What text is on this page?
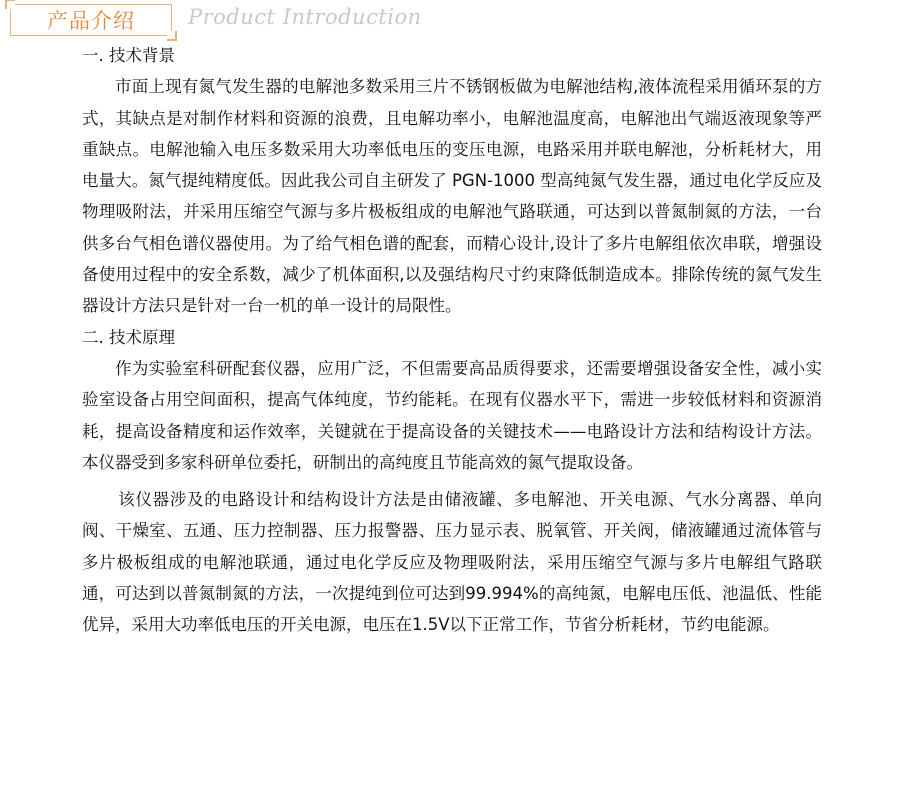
产品介绍	Product Introduction

一. 技术背景

市面上现有氮气发生器的电解池多数采用三片不锈钢板做为电解池结构,液体流程采用循环泵的方式，其缺点是对制作材料和资源的浪费，且电解功率小，电解池温度高，电解池出气端返液现象等严重缺点。电解池输入电压多数采用大功率低电压的变压电源，电路采用并联电解池，分析耗材大，用电量大。氮气提纯精度低。因此我公司自主研发了 PGN-1000 型高纯氮气发生器，通过电化学反应及物理吸附法，并采用压缩空气源与多片极板组成的电解池气路联通，可达到以普氮制氮的方法，一台供多台气相色谱仪器使用。为了给气相色谱的配套，而精心设计,设计了多片电解组依次串联，增强设备使用过程中的安全系数，减少了机体面积,以及强结构尺寸约束降低制造成本。排除传统的氮气发生器设计方法只是针对一台一机的单一设计的局限性。

二. 技术原理

作为实验室科研配套仪器，应用广泛，不但需要高品质得要求，还需要增强设备安全性，减小实验室设备占用空间面积，提高气体纯度，节约能耗。在现有仪器水平下，需进一步较低材料和资源消耗，提高设备精度和运作效率，关键就在于提高设备的关键技术——电路设计方法和结构设计方法。本仪器受到多家科研单位委托，研制出的高纯度且节能高效的氮气提取设备。

该仪器涉及的电路设计和结构设计方法是由储液罐、多电解池、开关电源、气水分离器、单向阀、干燥室、五通、压力控制器、压力报警器、压力显示表、脱氧管、开关阀，储液罐通过流体管与多片极板组成的电解池联通，通过电化学反应及物理吸附法，采用压缩空气源与多片电解组气路联通，可达到以普氮制氮的方法，一次提纯到位可达到99.994%的高纯氮，电解电压低、池温低、性能优异，采用大功率低电压的开关电源，电压在1.5V以下正常工作，节省分析耗材，节约电能源。
